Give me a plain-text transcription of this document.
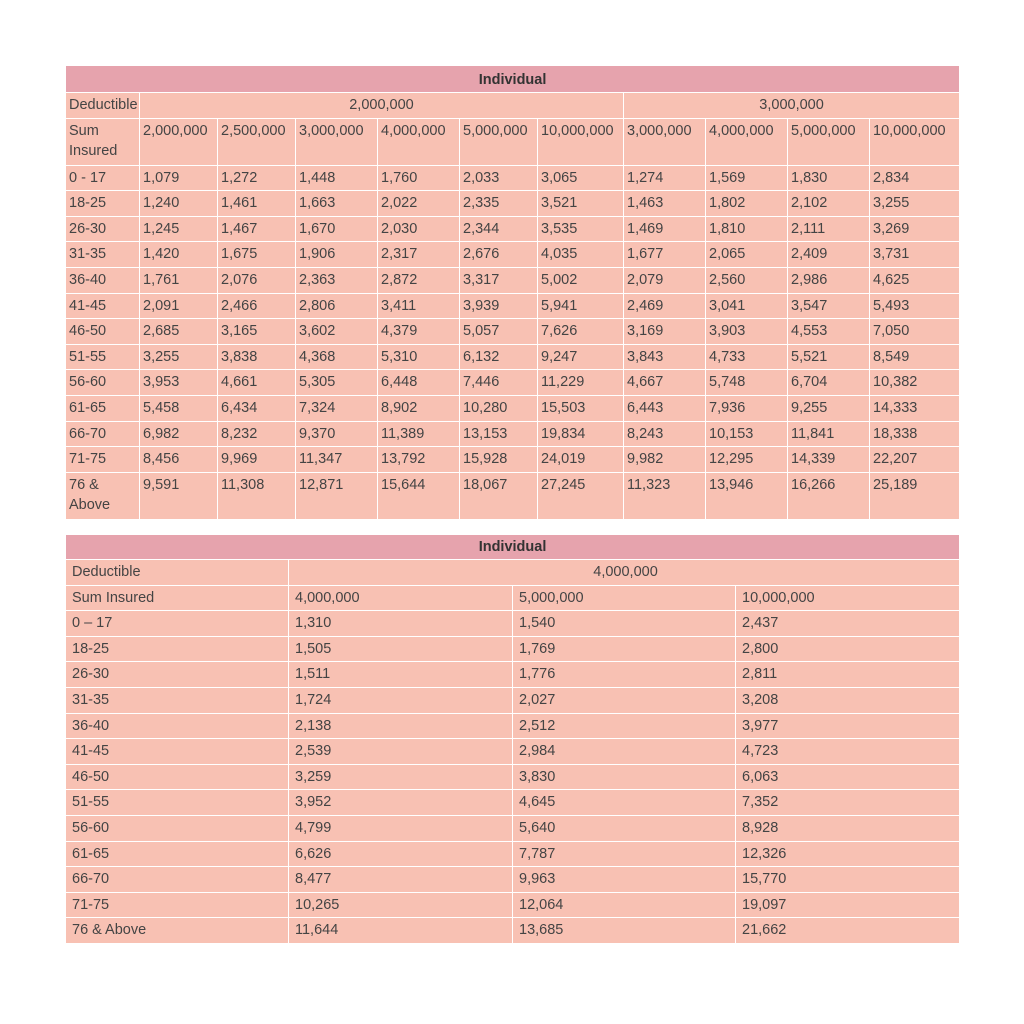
Individual										
Deductible	2,000,000						3,000,000			
Sum Insured	2,000,000	2,500,000	3,000,000	4,000,000	5,000,000	10,000,000	3,000,000	4,000,000	5,000,000	10,000,000
0 - 17	1,079	1,272	1,448	1,760	2,033	3,065	1,274	1,569	1,830	2,834
18-25	1,240	1,461	1,663	2,022	2,335	3,521	1,463	1,802	2,102	3,255
26-30	1,245	1,467	1,670	2,030	2,344	3,535	1,469	1,810	2,111	3,269
31-35	1,420	1,675	1,906	2,317	2,676	4,035	1,677	2,065	2,409	3,731
36-40	1,761	2,076	2,363	2,872	3,317	5,002	2,079	2,560	2,986	4,625
41-45	2,091	2,466	2,806	3,411	3,939	5,941	2,469	3,041	3,547	5,493
46-50	2,685	3,165	3,602	4,379	5,057	7,626	3,169	3,903	4,553	7,050
51-55	3,255	3,838	4,368	5,310	6,132	9,247	3,843	4,733	5,521	8,549
56-60	3,953	4,661	5,305	6,448	7,446	11,229	4,667	5,748	6,704	10,382
61-65	5,458	6,434	7,324	8,902	10,280	15,503	6,443	7,936	9,255	14,333
66-70	6,982	8,232	9,370	11,389	13,153	19,834	8,243	10,153	11,841	18,338
71-75	8,456	9,969	11,347	13,792	15,928	24,019	9,982	12,295	14,339	22,207
76 & Above	9,591	11,308	12,871	15,644	18,067	27,245	11,323	13,946	16,266	25,189
Individual			
Deductible	4,000,000		
Sum Insured	4,000,000	5,000,000	10,000,000
0 – 17	1,310	1,540	2,437
18-25	1,505	1,769	2,800
26-30	1,511	1,776	2,811
31-35	1,724	2,027	3,208
36-40	2,138	2,512	3,977
41-45	2,539	2,984	4,723
46-50	3,259	3,830	6,063
51-55	3,952	4,645	7,352
56-60	4,799	5,640	8,928
61-65	6,626	7,787	12,326
66-70	8,477	9,963	15,770
71-75	10,265	12,064	19,097
76 & Above	11,644	13,685	21,662
